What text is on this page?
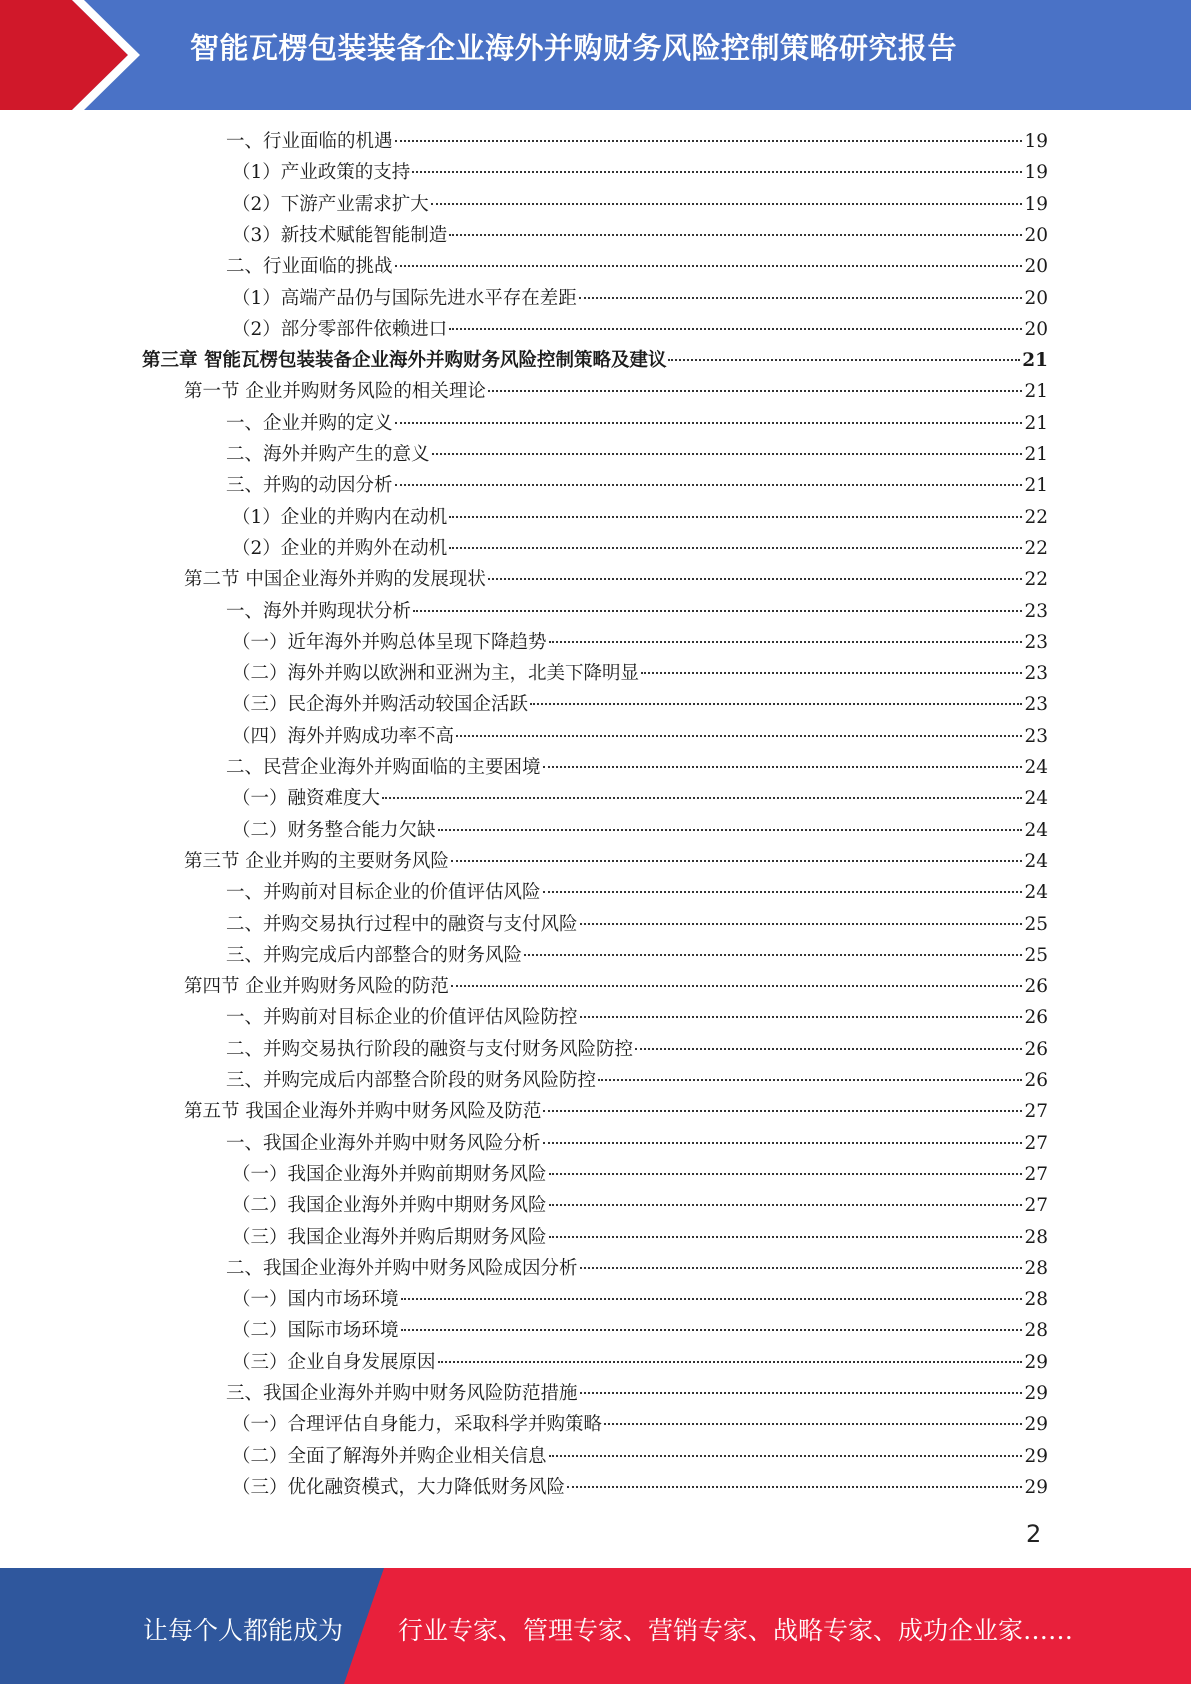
智能瓦楞包装装备企业海外并购财务风险控制策略研究报告
一、行业面临的机遇	19
（1）产业政策的支持	19
（2）下游产业需求扩大	19
（3）新技术赋能智能制造	20
二、行业面临的挑战	20
（1）高端产品仍与国际先进水平存在差距	20
（2）部分零部件依赖进口	20
第三章 智能瓦楞包装装备企业海外并购财务风险控制策略及建议	21
第一节 企业并购财务风险的相关理论	21
一、企业并购的定义	21
二、海外并购产生的意义	21
三、并购的动因分析	21
（1）企业的并购内在动机	22
（2）企业的并购外在动机	22
第二节 中国企业海外并购的发展现状	22
一、海外并购现状分析	23
（一）近年海外并购总体呈现下降趋势	23
（二）海外并购以欧洲和亚洲为主，北美下降明显	23
（三）民企海外并购活动较国企活跃	23
（四）海外并购成功率不高	23
二、民营企业海外并购面临的主要困境	24
（一）融资难度大	24
（二）财务整合能力欠缺	24
第三节 企业并购的主要财务风险	24
一、并购前对目标企业的价值评估风险	24
二、并购交易执行过程中的融资与支付风险	25
三、并购完成后内部整合的财务风险	25
第四节 企业并购财务风险的防范	26
一、并购前对目标企业的价值评估风险防控	26
二、并购交易执行阶段的融资与支付财务风险防控	26
三、并购完成后内部整合阶段的财务风险防控	26
第五节 我国企业海外并购中财务风险及防范	27
一、我国企业海外并购中财务风险分析	27
（一）我国企业海外并购前期财务风险	27
（二）我国企业海外并购中期财务风险	27
（三）我国企业海外并购后期财务风险	28
二、我国企业海外并购中财务风险成因分析	28
（一）国内市场环境	28
（二）国际市场环境	28
（三）企业自身发展原因	29
三、我国企业海外并购中财务风险防范措施	29
（一）合理评估自身能力，采取科学并购策略	29
（二）全面了解海外并购企业相关信息	29
（三）优化融资模式，大力降低财务风险	29
2
让每个人都能成为 行业专家、管理专家、营销专家、战略专家、成功企业家……
